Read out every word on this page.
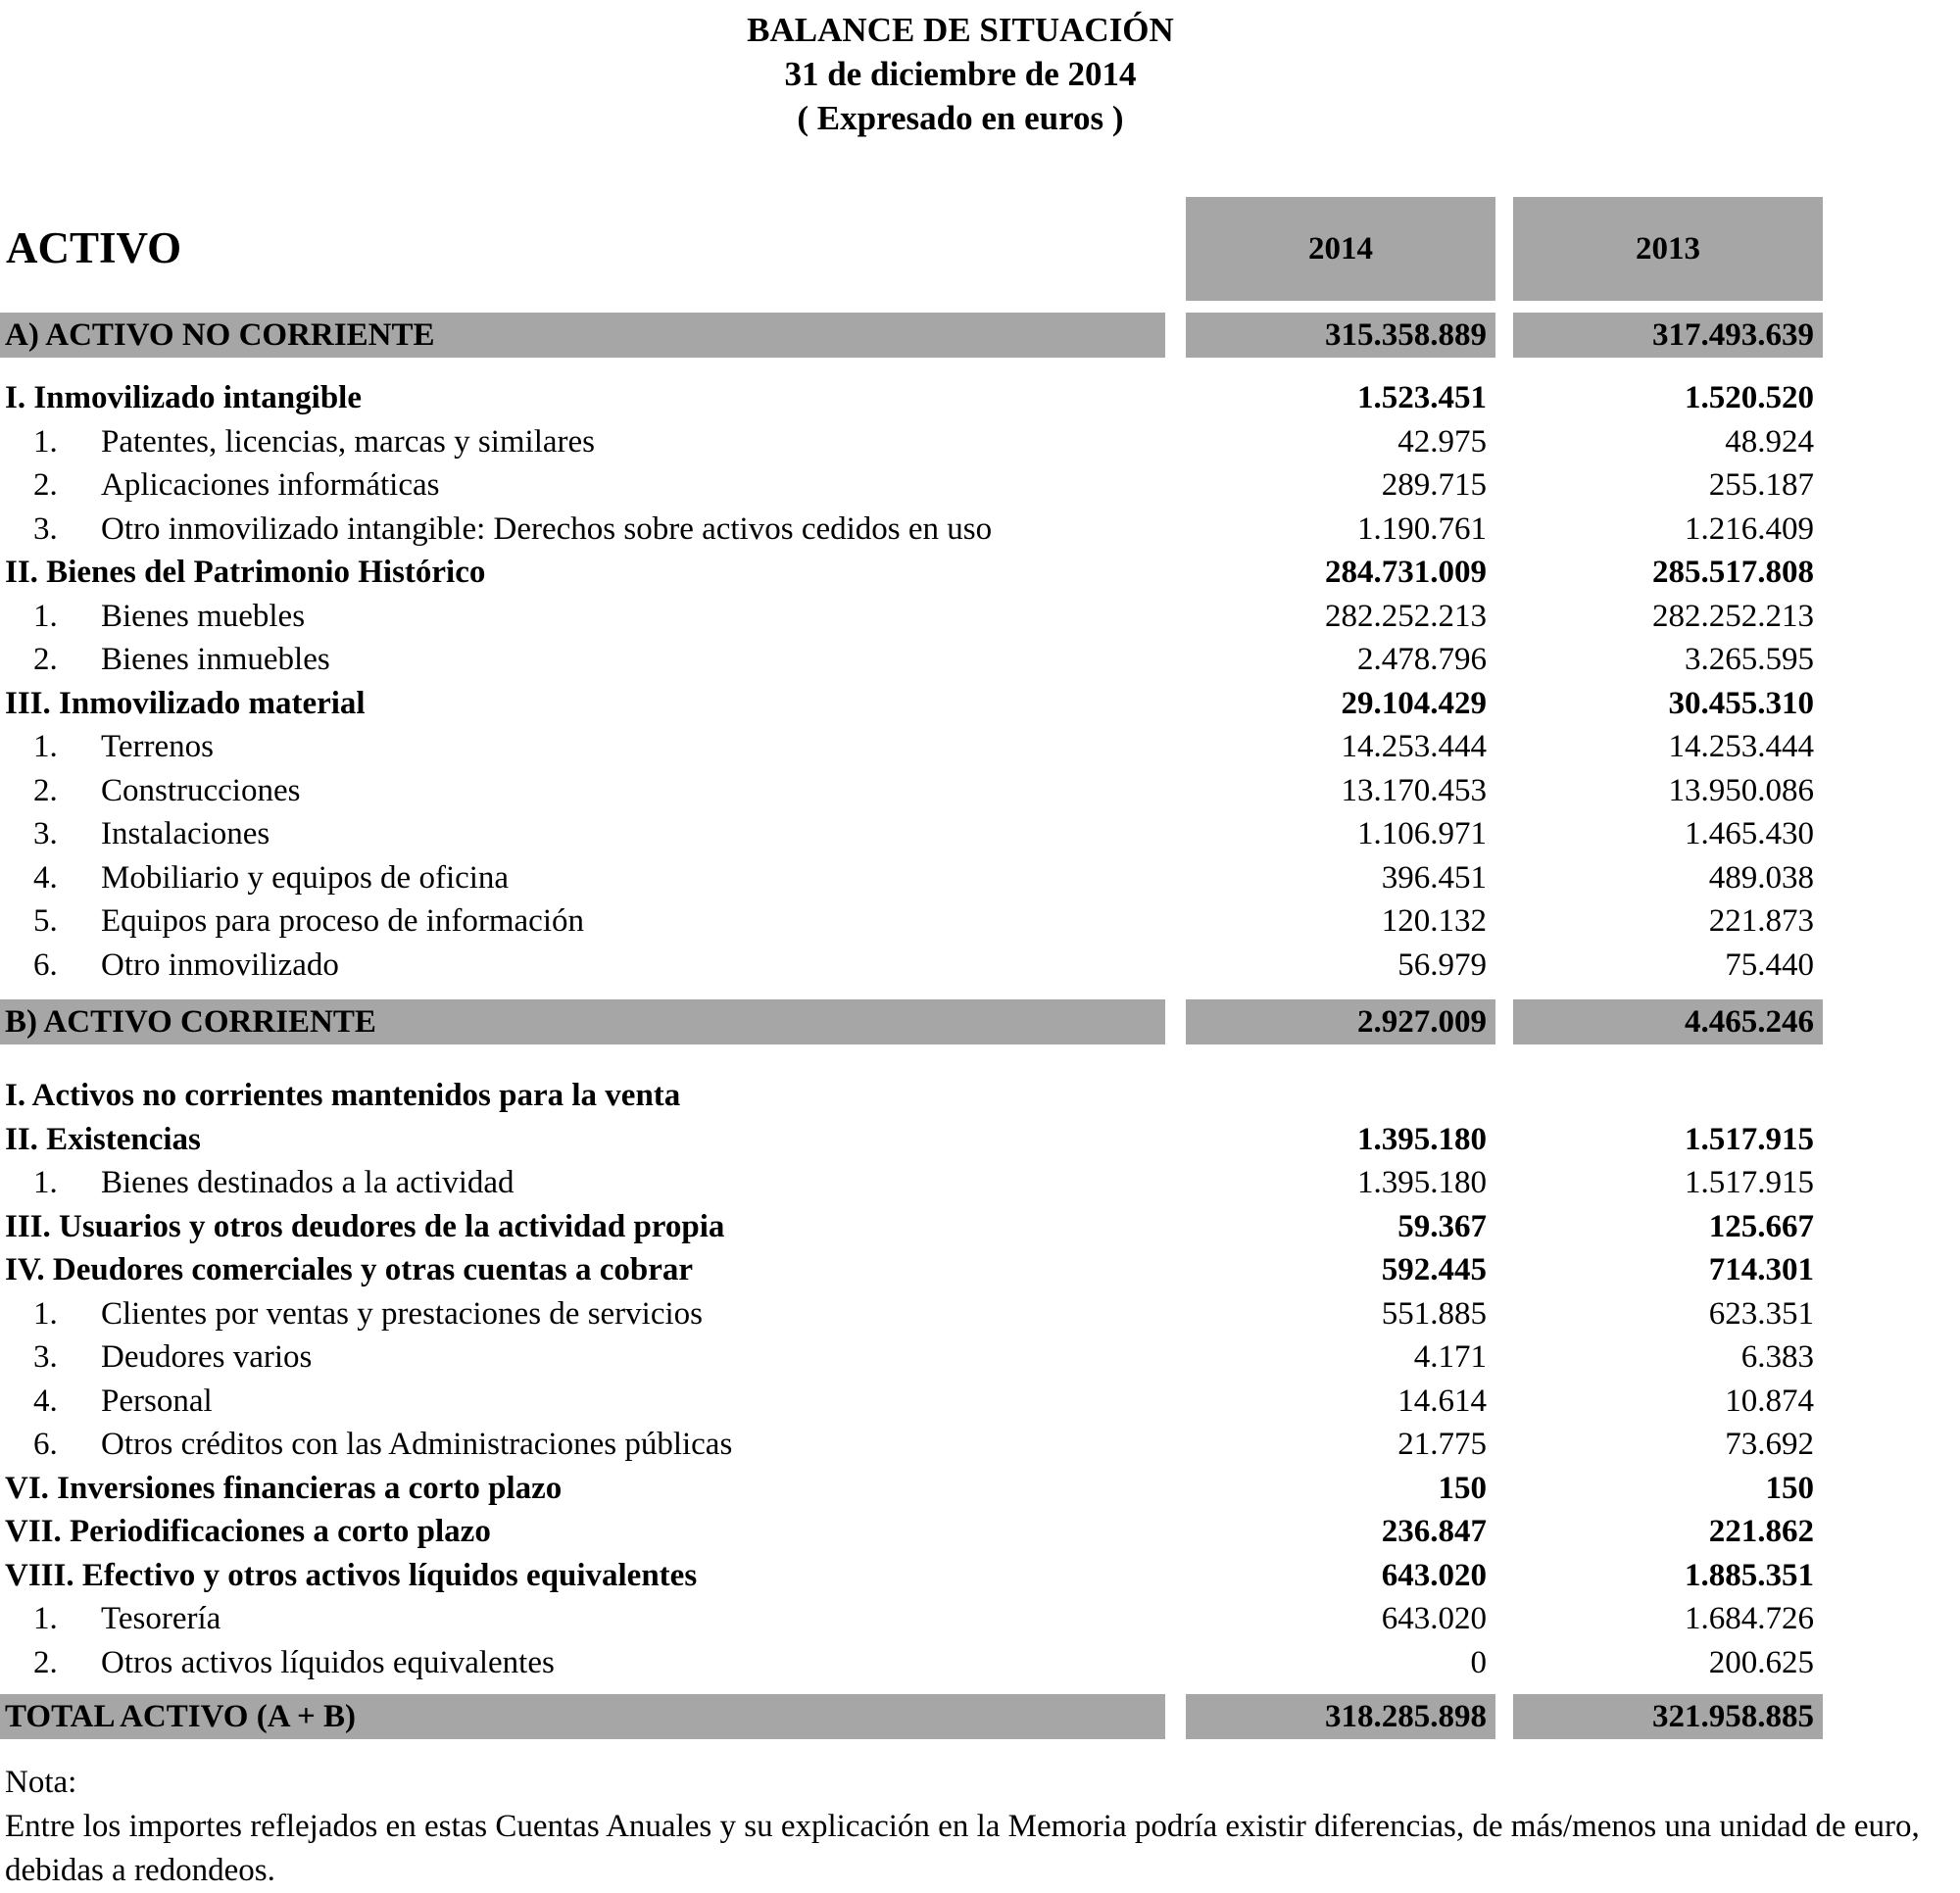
BALANCE DE SITUACIÓN
31 de diciembre de 2014
( Expresado en euros )
ACTIVO	2014	2013
A) ACTIVO NO CORRIENTE	315.358.889	317.493.639
I. Inmovilizado intangible	1.523.451	1.520.520
1.	Patentes, licencias, marcas y similares	42.975	48.924
2.	Aplicaciones informáticas	289.715	255.187
3.	Otro inmovilizado intangible: Derechos sobre activos cedidos en uso	1.190.761	1.216.409
II. Bienes del Patrimonio Histórico	284.731.009	285.517.808
1.	Bienes muebles	282.252.213	282.252.213
2.	Bienes inmuebles	2.478.796	3.265.595
III. Inmovilizado material	29.104.429	30.455.310
1.	Terrenos	14.253.444	14.253.444
2.	Construcciones	13.170.453	13.950.086
3.	Instalaciones	1.106.971	1.465.430
4.	Mobiliario y equipos de oficina	396.451	489.038
5.	Equipos para proceso de información	120.132	221.873
6.	Otro inmovilizado	56.979	75.440
B) ACTIVO CORRIENTE	2.927.009	4.465.246
I. Activos no corrientes mantenidos para la venta
II. Existencias	1.395.180	1.517.915
1.	Bienes destinados a la actividad	1.395.180	1.517.915
III. Usuarios y otros deudores de la actividad propia	59.367	125.667
IV. Deudores comerciales y otras cuentas a cobrar	592.445	714.301
1.	Clientes por ventas y prestaciones de servicios	551.885	623.351
3.	Deudores varios	4.171	6.383
4.	Personal	14.614	10.874
6.	Otros créditos con las Administraciones públicas	21.775	73.692
VI. Inversiones financieras a corto plazo	150	150
VII. Periodificaciones a corto plazo	236.847	221.862
VIII. Efectivo y otros activos líquidos equivalentes	643.020	1.885.351
1.	Tesorería	643.020	1.684.726
2.	Otros activos líquidos equivalentes	0	200.625
TOTAL ACTIVO (A + B)	318.285.898	321.958.885
Nota:
Entre los importes reflejados en estas Cuentas Anuales y su explicación en la Memoria podría existir diferencias, de más/menos una unidad de euro, debidas a redondeos.
